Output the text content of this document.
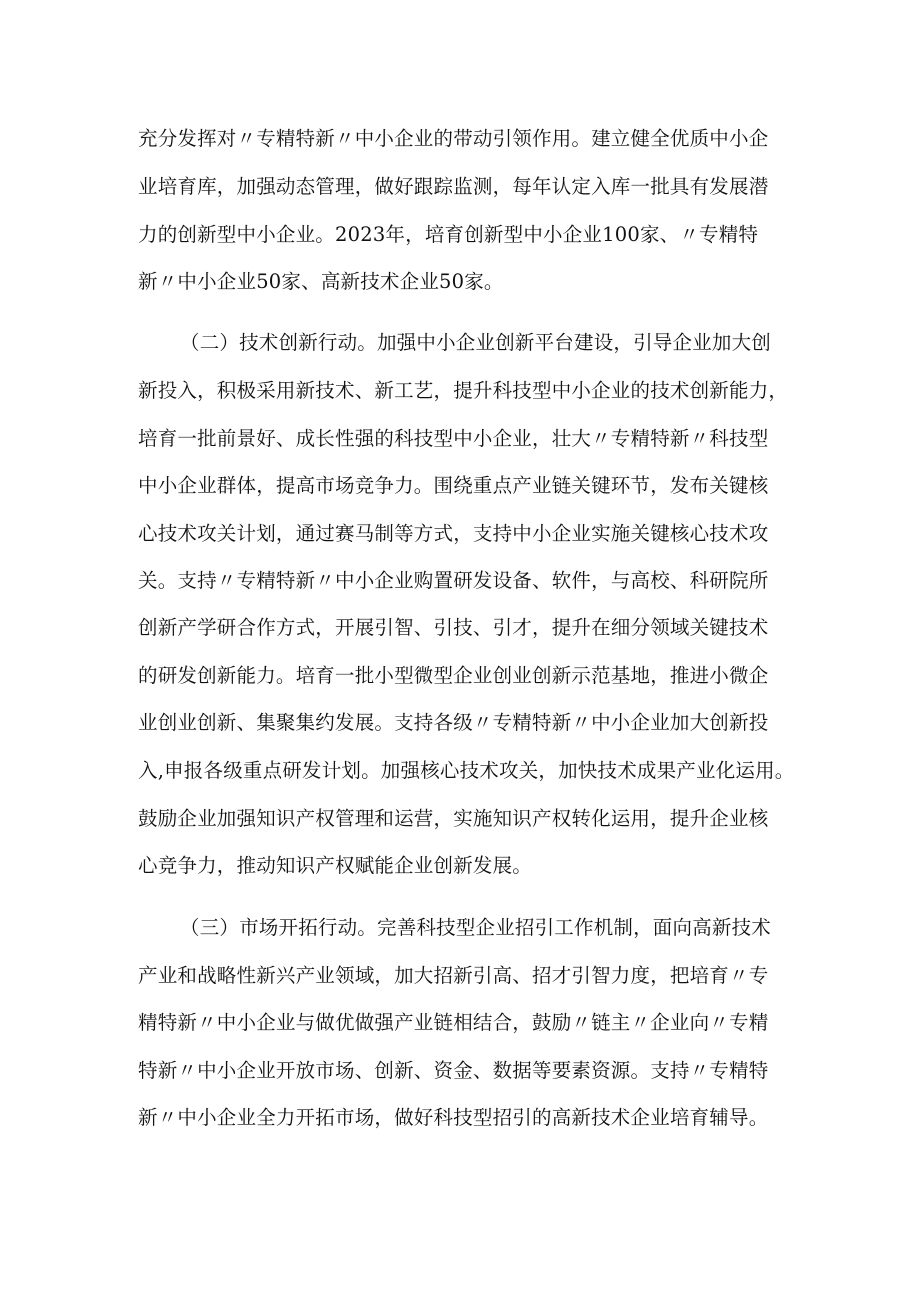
充分发挥对〃专精特新〃中小企业的带动引领作用。建立健全优质中小企
业培育库，加强动态管理，做好跟踪监测，每年认定入库一批具有发展潜
力的创新型中小企业。2023年，培育创新型中小企业100家、〃专精特
新〃中小企业50家、高新技术企业50家。
（二）技术创新行动。加强中小企业创新平台建设，引导企业加大创
新投入，积极采用新技术、新工艺，提升科技型中小企业的技术创新能力，
培育一批前景好、成长性强的科技型中小企业，壮大〃专精特新〃科技型
中小企业群体，提高市场竞争力。围绕重点产业链关键环节，发布关键核
心技术攻关计划，通过赛马制等方式，支持中小企业实施关键核心技术攻
关。支持〃专精特新〃中小企业购置研发设备、软件，与高校、科研院所
创新产学研合作方式，开展引智、引技、引才，提升在细分领域关键技术
的研发创新能力。培育一批小型微型企业创业创新示范基地，推进小微企
业创业创新、集聚集约发展。支持各级〃专精特新〃中小企业加大创新投
入,申报各级重点研发计划。加强核心技术攻关，加快技术成果产业化运用。
鼓励企业加强知识产权管理和运营，实施知识产权转化运用，提升企业核
心竞争力，推动知识产权赋能企业创新发展。
（三）市场开拓行动。完善科技型企业招引工作机制，面向高新技术
产业和战略性新兴产业领域，加大招新引高、招才引智力度，把培育〃专
精特新〃中小企业与做优做强产业链相结合，鼓励〃链主〃企业向〃专精
特新〃中小企业开放市场、创新、资金、数据等要素资源。支持〃专精特
新〃中小企业全力开拓市场，做好科技型招引的高新技术企业培育辅导。
